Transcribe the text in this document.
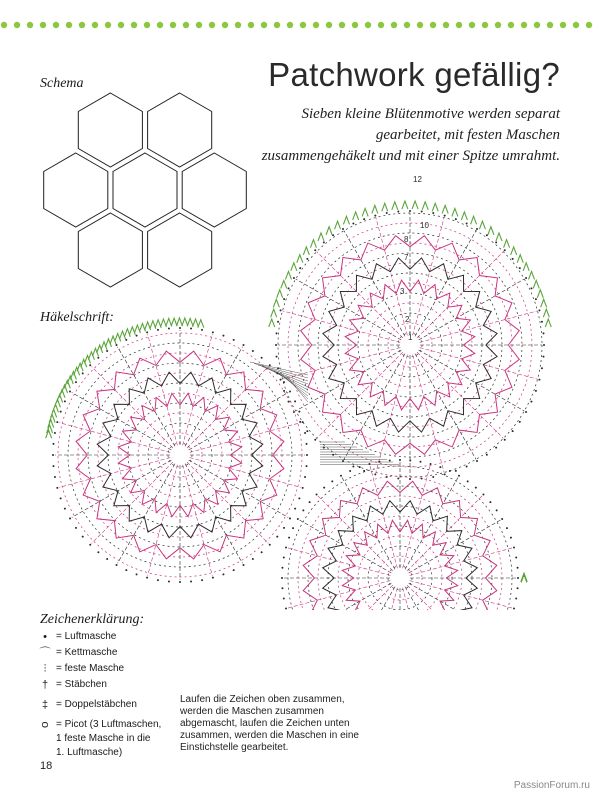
Schema	Patchwork gefällig?
Sieben kleine Blütenmotive werden separat gearbeitet, mit festen Maschen zusammengehäkelt und mit einer Spitze umrahmt.
Häkelschrift:
1
2
3
7
8
10
12
Zeichenerklärung:
• = Luftmasche
⌒ = Kettmasche
⫶ = feste Masche
† = Stäbchen
‡ = Doppelstäbchen
ᴑ = Picot (3 Luftmaschen,
1 feste Masche in die
1. Luftmasche)
Laufen die Zeichen oben zusammen, werden die Maschen zusammen abgemascht, laufen die Zeichen unten zusammen, werden die Maschen in eine Einstichstelle gearbeitet.
18
PassionForum.ru
